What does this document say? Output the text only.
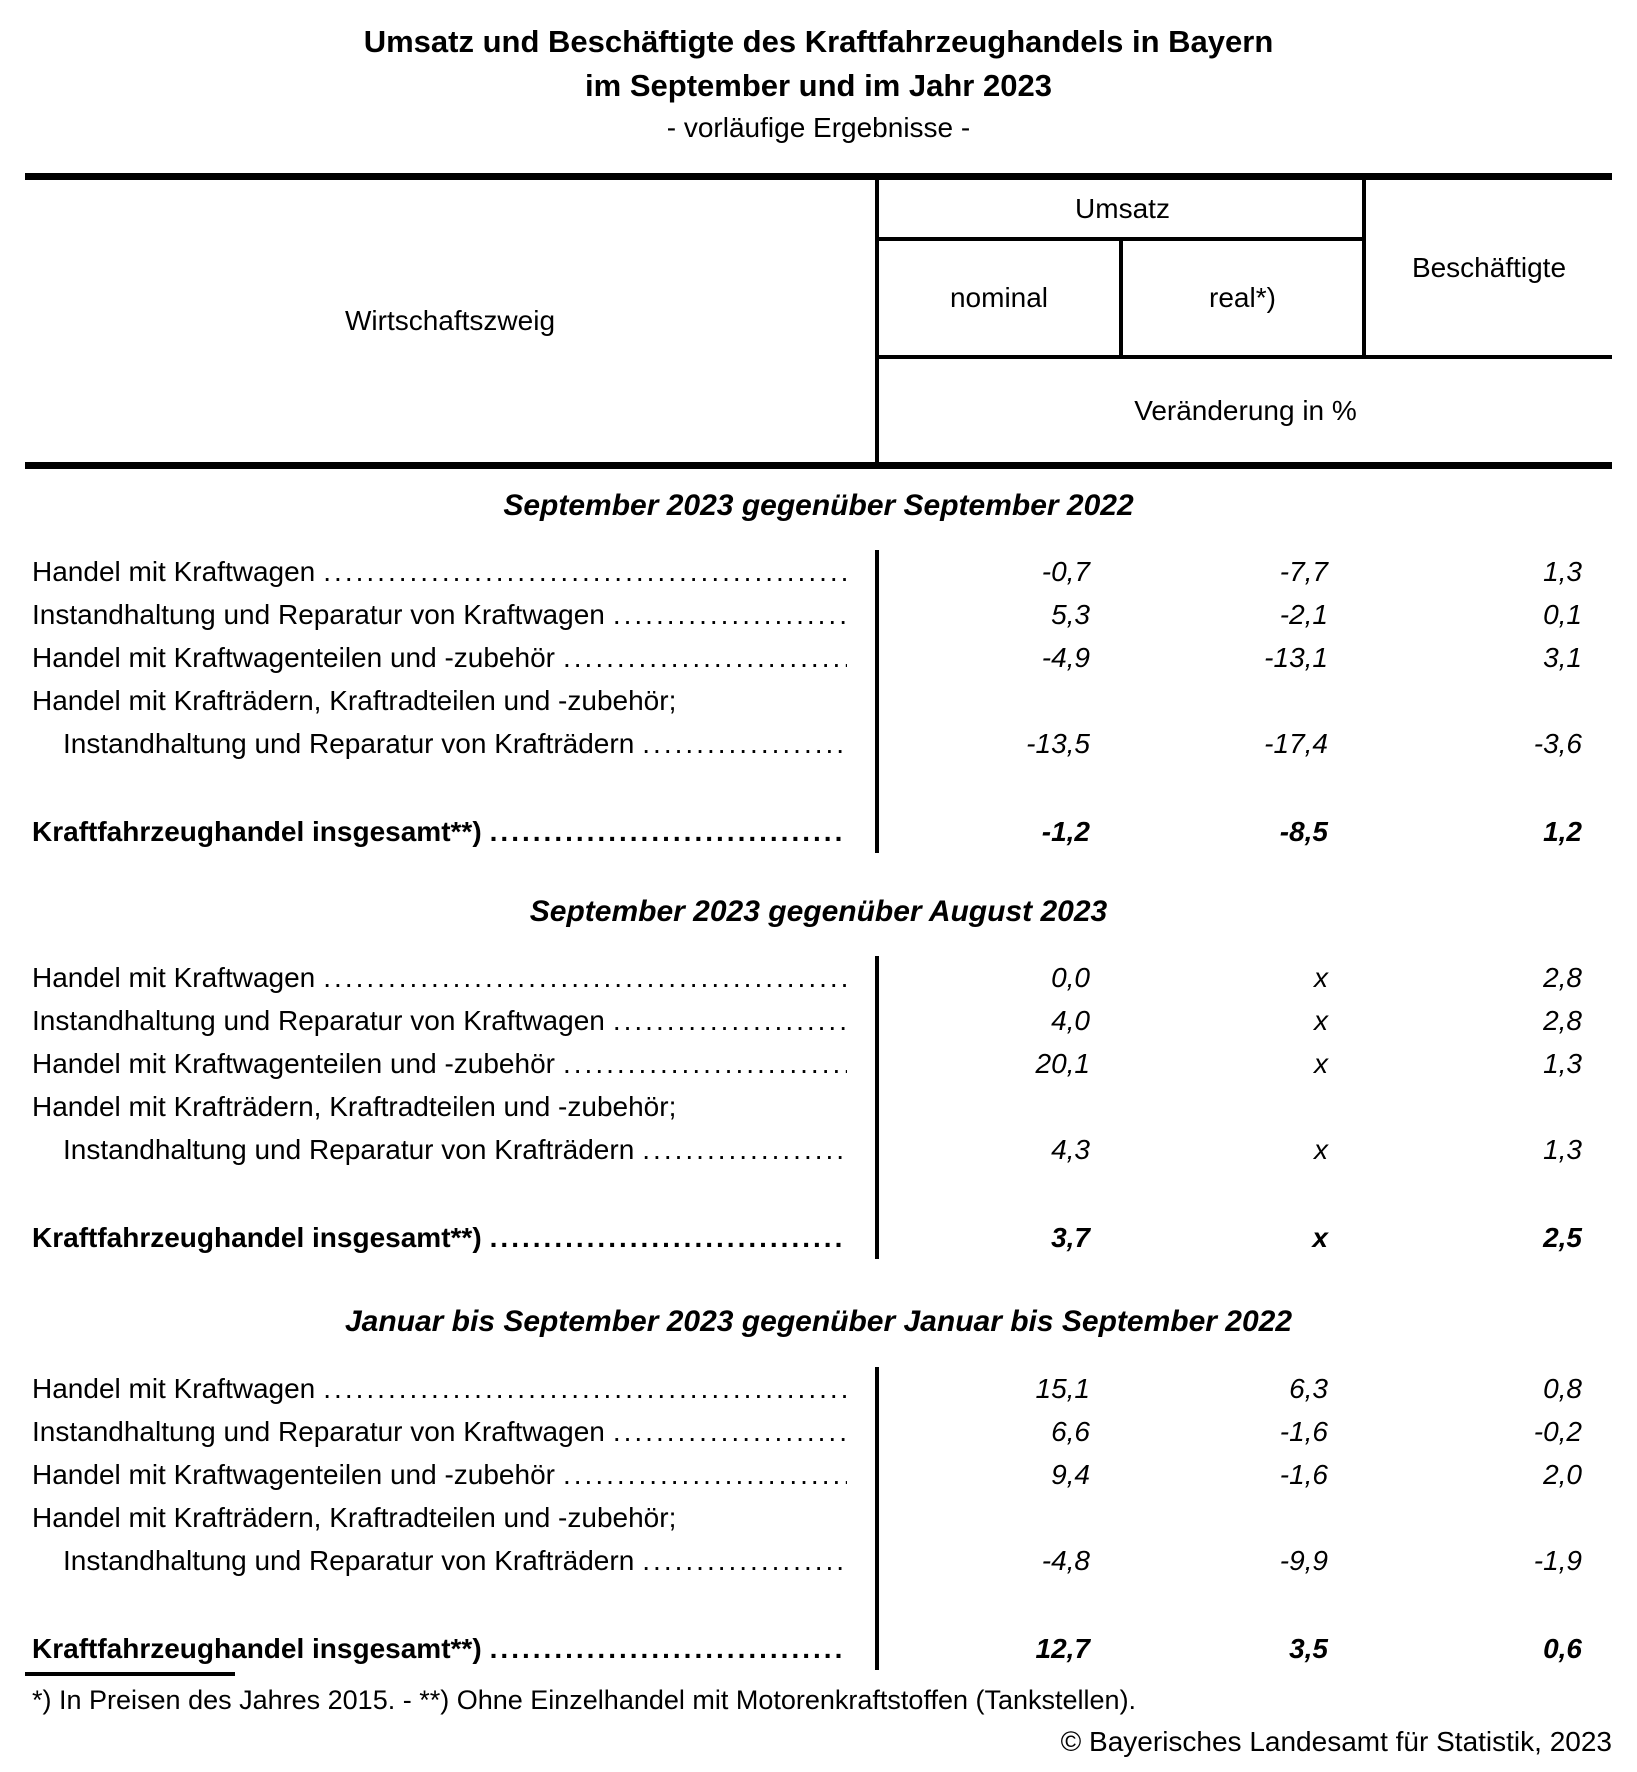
Umsatz und Beschäftigte des Kraftfahrzeughandels in Bayern
im September und im Jahr 2023
- vorläufige Ergebnisse -
Wirtschaftszweig
Umsatz
nominal	real*)
Beschäftigte
Veränderung in %
September 2023 gegenüber September 2022
Handel mit Kraftwagen .....	-0,7	-7,7	1,3
Instandhaltung und Reparatur von Kraftwagen .....	5,3	-2,1	0,1
Handel mit Kraftwagenteilen und -zubehör .....	-4,9	-13,1	3,1
Handel mit Krafträdern, Kraftradteilen und -zubehör;
Instandhaltung und Reparatur von Krafträdern .....	-13,5	-17,4	-3,6
Kraftfahrzeughandel insgesamt**) .....	-1,2	-8,5	1,2
September 2023 gegenüber August 2023
Handel mit Kraftwagen .....	0,0	x	2,8
Instandhaltung und Reparatur von Kraftwagen .....	4,0	x	2,8
Handel mit Kraftwagenteilen und -zubehör .....	20,1	x	1,3
Handel mit Krafträdern, Kraftradteilen und -zubehör;
Instandhaltung und Reparatur von Krafträdern .....	4,3	x	1,3
Kraftfahrzeughandel insgesamt**) .....	3,7	x	2,5
Januar bis September 2023 gegenüber Januar bis September 2022
Handel mit Kraftwagen .....	15,1	6,3	0,8
Instandhaltung und Reparatur von Kraftwagen .....	6,6	-1,6	-0,2
Handel mit Kraftwagenteilen und -zubehör .....	9,4	-1,6	2,0
Handel mit Krafträdern, Kraftradteilen und -zubehör;
Instandhaltung und Reparatur von Krafträdern .....	-4,8	-9,9	-1,9
Kraftfahrzeughandel insgesamt**) .....	12,7	3,5	0,6
*) In Preisen des Jahres 2015. - **) Ohne Einzelhandel mit Motorenkraftstoffen (Tankstellen).
© Bayerisches Landesamt für Statistik, 2023
